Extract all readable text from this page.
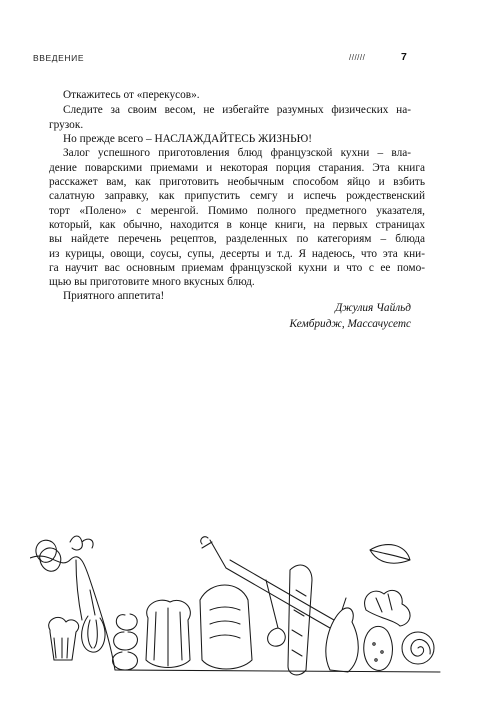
ВВЕДЕНИЕ	//////	7
Откажитесь от «перекусов».
Следите за своим весом, не избегайте разумных физических на-
грузок.
Но прежде всего – НАСЛАЖДАЙТЕСЬ ЖИЗНЬЮ!
Залог успешного приготовления блюд французской кухни – вла-
дение поварскими приемами и некоторая порция старания. Эта книга
расскажет вам, как приготовить необычным способом яйцо и взбить
салатную заправку, как припустить семгу и испечь рождественский
торт «Полено» с меренгой. Помимо полного предметного указателя,
который, как обычно, находится в конце книги, на первых страницах
вы найдете перечень рецептов, разделенных по категориям – блюда
из курицы, овощи, соусы, супы, десерты и т.д. Я надеюсь, что эта кни-
га научит вас основным приемам французской кухни и что с ее помо-
щью вы приготовите много вкусных блюд.
Приятного аппетита!
Джулия Чайльд
Кембридж, Массачусетс
